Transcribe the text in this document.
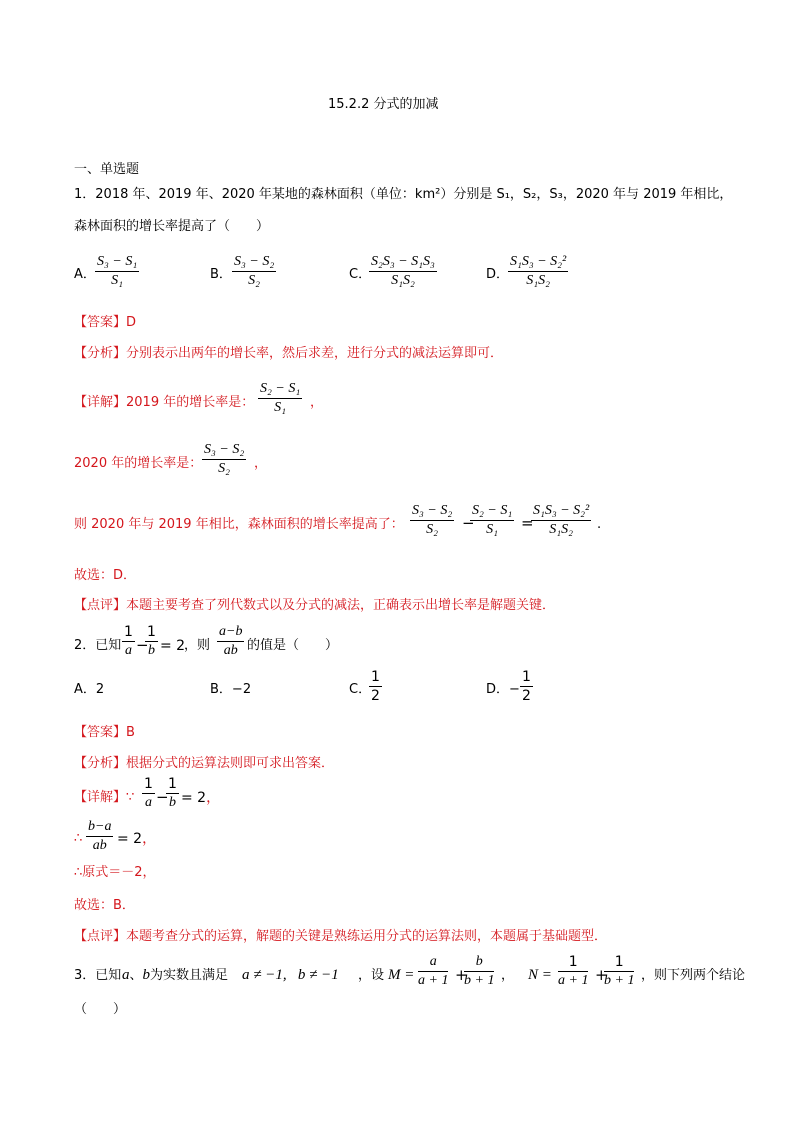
15.2.2 分式的加减
一、单选题
1．2018 年、2019 年、2020 年某地的森林面积（单位：km²）分别是 S₁，S₂，S₃，2020 年与 2019 年相比，
森林面积的增长率提高了（　　）
A．
S₃ − S₁
S₁	B．
S₃ − S₂
S₂	C．
S₂S₃ − S₁S₃
S₁S₂	D．
S₁S₃ − S₂²
S₁S₂
【答案】D
【分析】分别表示出两年的增长率，然后求差，进行分式的减法运算即可．
【详解】2019 年的增长率是：
S₂ − S₁
S₁	，
2020 年的增长率是：
S₃ − S₂
S₂	，
则 2020 年与 2019 年相比，森林面积的增长率提高了：
S₃ − S₂
S₂	−
S₂ − S₁
S₁	=
S₁S₃ − S₂²
S₁S₂	.
故选：D．
【点评】本题主要考查了列代数式以及分式的减法，正确表示出增长率是解题关键．
2．已知
1
a −
1
b = 2
，则
a−b
ab 的值是（　　）
A．2	B．−2	C．
1
2	D．−
1
2
【答案】B
【分析】根据分式的运算法则即可求出答案．
【详解】∵
1
a −
1
b = 2，
∴
b−a
ab = 2，
∴原式＝－2，
故选：B．
【点评】本题考查分式的运算，解题的关键是熟练运用分式的运算法则，本题属于基础题型．
3．已知 a、b 为实数且满足 a ≠ −1,   b ≠ −1 ，设 M =
a
a + 1 +
b
b + 1 ， N =
1
a + 1 +
1
b + 1 ，则下列两个结论
（　　）
